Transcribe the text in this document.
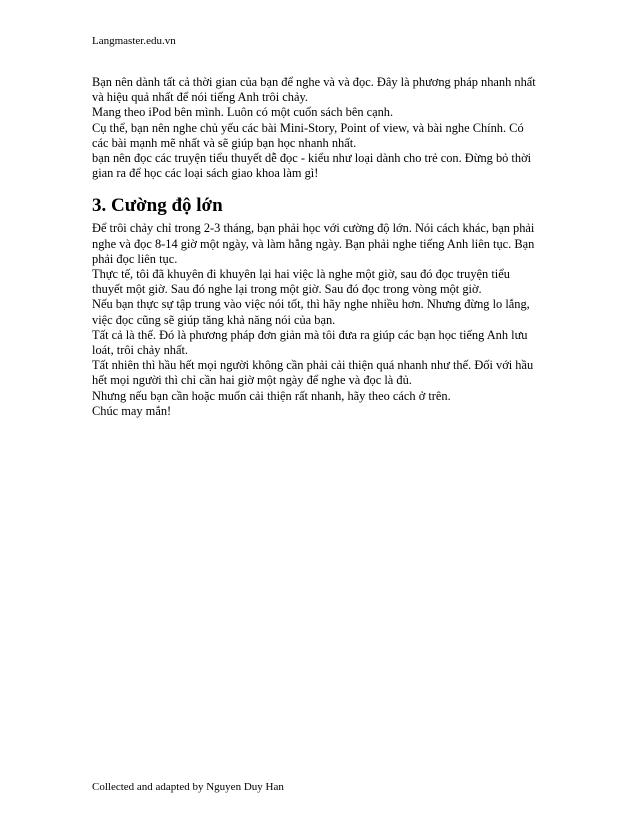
Langmaster.edu.vn

Bạn nên dành tất cả thời gian của bạn để nghe và và đọc. Đây là phương pháp nhanh nhất

và hiệu quả nhất để nói tiếng Anh trôi chảy.

Mang theo iPod bên mình. Luôn có một cuốn sách bên cạnh.

Cụ thể, bạn nên nghe chủ yếu các bài Mini-Story, Point of view, và bài nghe Chính. Có

các bài mạnh mẽ nhất và sẽ giúp bạn học nhanh nhất.

bạn nên đọc các truyện tiểu thuyết dễ đọc - kiểu như loại dành cho trẻ con. Đừng bỏ thời

gian ra để học các loại sách giao khoa làm gì!

3. Cường độ lớn

Để trôi chảy chỉ trong 2-3 tháng, bạn phải học với cường độ lớn. Nói cách khác, bạn phải

nghe và đọc 8-14 giờ một ngày, và làm hằng ngày. Bạn phải nghe tiếng Anh liên tục. Bạn

phải đọc liên tục.

Thực tế, tôi đã khuyên đi khuyên lại hai việc là nghe một giờ, sau đó đọc truyện tiểu

thuyết một giờ. Sau đó nghe lại trong một giờ. Sau đó đọc trong vòng một giờ.

Nếu bạn thực sự tập trung vào việc nói tốt, thì hãy nghe nhiều hơn. Nhưng đừng lo lắng,

việc đọc cũng sẽ giúp tăng khả năng nói của bạn.

Tất cả là thế. Đó là phương pháp đơn giản mà tôi đưa ra giúp các bạn học tiếng Anh lưu

loát, trôi chảy nhất.

Tất nhiên thì hầu hết mọi người không cần phải cải thiện quá nhanh như thế. Đối với hầu

hết mọi người thì chỉ cần hai giờ một ngày để nghe và đọc là đủ.

Nhưng nếu bạn cần hoặc muốn cải thiện rất nhanh, hãy theo cách ở trên.

Chúc may mắn!

Collected and adapted by Nguyen Duy Han
